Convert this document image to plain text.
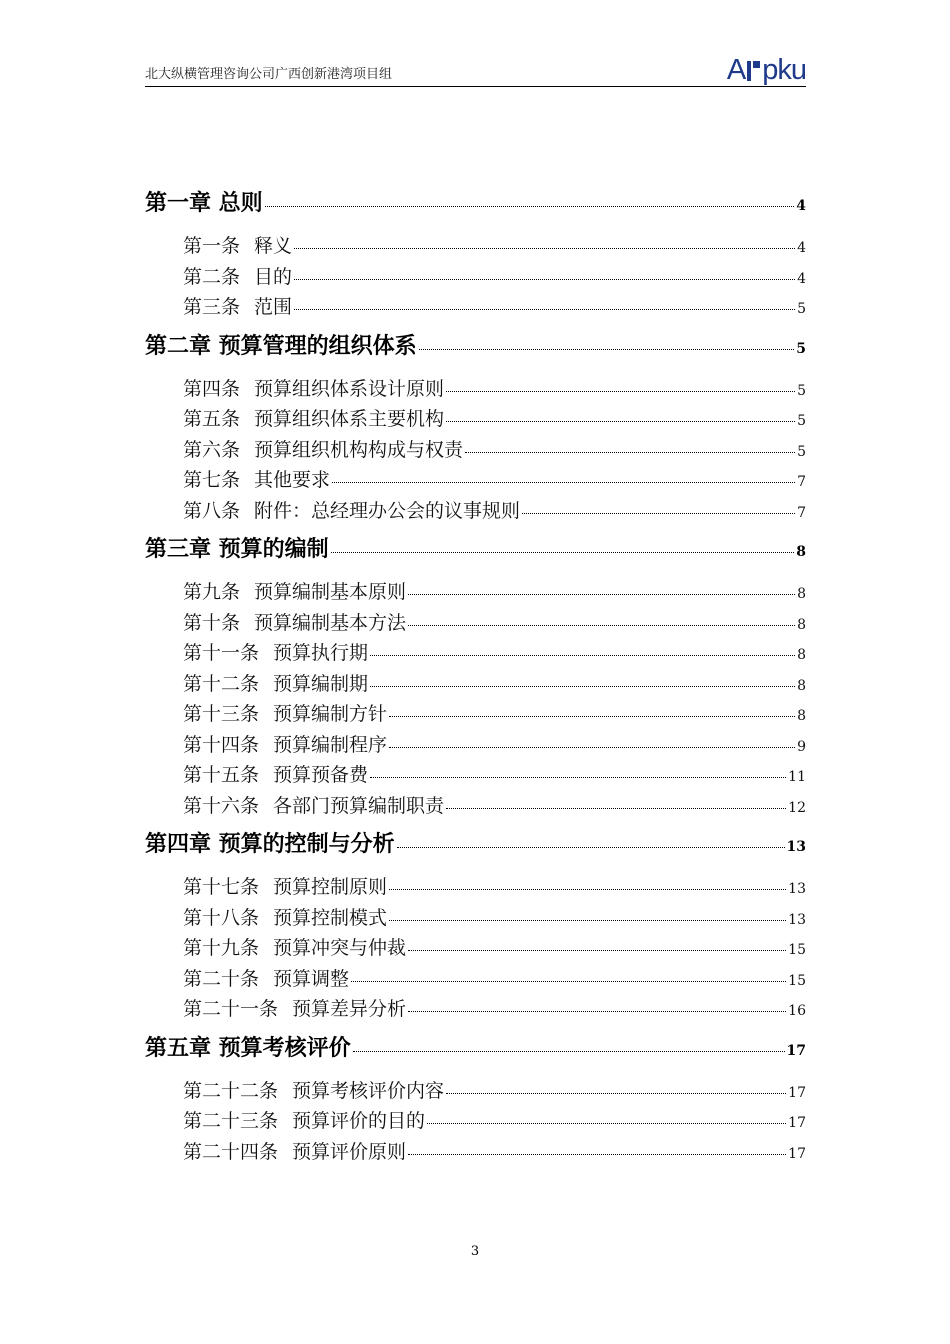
北大纵横管理咨询公司广西创新港湾项目组	A pku
第一章 总则	4
第一条 释义	4
第二条 目的	4
第三条 范围	5
第二章 预算管理的组织体系	5
第四条 预算组织体系设计原则	5
第五条 预算组织体系主要机构	5
第六条 预算组织机构构成与权责	5
第七条 其他要求	7
第八条 附件：总经理办公会的议事规则	7
第三章 预算的编制	8
第九条 预算编制基本原则	8
第十条 预算编制基本方法	8
第十一条 预算执行期	8
第十二条 预算编制期	8
第十三条 预算编制方针	8
第十四条 预算编制程序	9
第十五条 预算预备费	11
第十六条 各部门预算编制职责	12
第四章 预算的控制与分析	13
第十七条 预算控制原则	13
第十八条 预算控制模式	13
第十九条 预算冲突与仲裁	15
第二十条 预算调整	15
第二十一条 预算差异分析	16
第五章 预算考核评价	17
第二十二条 预算考核评价内容	17
第二十三条 预算评价的目的	17
第二十四条 预算评价原则	17
3
